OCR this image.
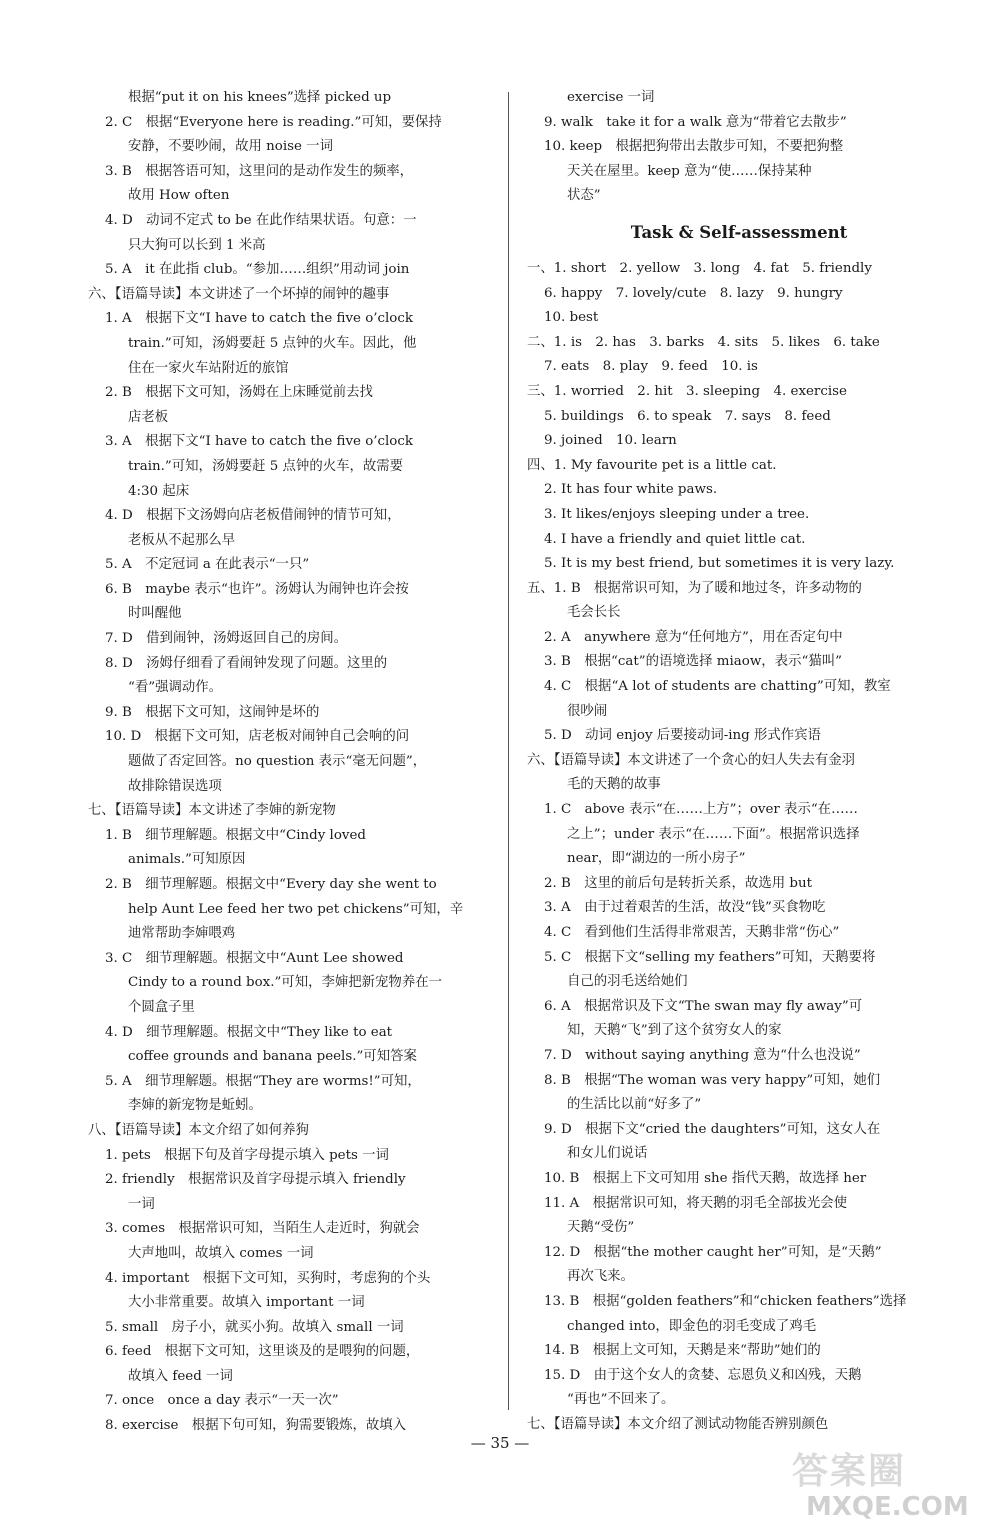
根据“put it on his knees”选择 picked up
2. C　根据“Everyone here is reading.”可知，要保持
安静，不要吵闹，故用 noise 一词
3. B　根据答语可知，这里问的是动作发生的频率，
故用 How often
4. D　动词不定式 to be 在此作结果状语。句意：一
只大狗可以长到 1 米高
5. A　it 在此指 club。“参加……组织”用动词 join
六、【语篇导读】本文讲述了一个坏掉的闹钟的趣事
1. A　根据下文“I have to catch the five o’clock
train.”可知，汤姆要赶 5 点钟的火车。因此，他
住在一家火车站附近的旅馆
2. B　根据下文可知，汤姆在上床睡觉前去找
店老板
3. A　根据下文“I have to catch the five o’clock
train.”可知，汤姆要赶 5 点钟的火车，故需要
4:30 起床
4. D　根据下文汤姆向店老板借闹钟的情节可知，
老板从不起那么早
5. A　不定冠词 a 在此表示“一只”
6. B　maybe 表示“也许”。汤姆认为闹钟也许会按
时叫醒他
7. D　借到闹钟，汤姆返回自己的房间。
8. D　汤姆仔细看了看闹钟发现了问题。这里的
“看”强调动作。
9. B　根据下文可知，这闹钟是坏的
10. D　根据下文可知，店老板对闹钟自己会响的问
题做了否定回答。no question 表示“毫无问题”，
故排除错误选项
七、【语篇导读】本文讲述了李婶的新宠物
1. B　细节理解题。根据文中“Cindy loved
animals.”可知原因
2. B　细节理解题。根据文中“Every day she went to
help Aunt Lee feed her two pet chickens”可知，辛
迪常帮助李婶喂鸡
3. C　细节理解题。根据文中“Aunt Lee showed
Cindy to a round box.”可知，李婶把新宠物养在一
个圆盒子里
4. D　细节理解题。根据文中“They like to eat
coffee grounds and banana peels.”可知答案
5. A　细节理解题。根据“They are worms!”可知，
李婶的新宠物是蚯蚓。
八、【语篇导读】本文介绍了如何养狗
1. pets　根据下句及首字母提示填入 pets 一词
2. friendly　根据常识及首字母提示填入 friendly
一词
3. comes　根据常识可知，当陌生人走近时，狗就会
大声地叫，故填入 comes 一词
4. important　根据下文可知，买狗时，考虑狗的个头
大小非常重要。故填入 important 一词
5. small　房子小，就买小狗。故填入 small 一词
6. feed　根据下文可知，这里谈及的是喂狗的问题，
故填入 feed 一词
7. once　once a day 表示“一天一次”
8. exercise　根据下句可知，狗需要锻炼，故填入
exercise 一词
9. walk　take it for a walk 意为“带着它去散步”
10. keep　根据把狗带出去散步可知，不要把狗整
天关在屋里。keep 意为“使……保持某种
状态”
Task & Self-assessment
一、1. short　2. yellow　3. long　4. fat　5. friendly
6. happy　7. lovely/cute　8. lazy　9. hungry
10. best
二、1. is　2. has　3. barks　4. sits　5. likes　6. take
7. eats　8. play　9. feed　10. is
三、1. worried　2. hit　3. sleeping　4. exercise
5. buildings　6. to speak　7. says　8. feed
9. joined　10. learn
四、1. My favourite pet is a little cat.
2. It has four white paws.
3. It likes/enjoys sleeping under a tree.
4. I have a friendly and quiet little cat.
5. It is my best friend, but sometimes it is very lazy.
五、1. B　根据常识可知，为了暖和地过冬，许多动物的
毛会长长
2. A　anywhere 意为“任何地方”，用在否定句中
3. B　根据“cat”的语境选择 miaow，表示“猫叫”
4. C　根据“A lot of students are chatting”可知，教室
很吵闹
5. D　动词 enjoy 后要接动词-ing 形式作宾语
六、【语篇导读】本文讲述了一个贪心的妇人失去有金羽
毛的天鹅的故事
1. C　above 表示“在……上方”；over 表示“在……
之上”；under 表示“在……下面”。根据常识选择
near，即“湖边的一所小房子”
2. B　这里的前后句是转折关系，故选用 but
3. A　由于过着艰苦的生活，故没“钱”买食物吃
4. C　看到他们生活得非常艰苦，天鹅非常“伤心”
5. C　根据下文“selling my feathers”可知，天鹅要将
自己的羽毛送给她们
6. A　根据常识及下文“The swan may fly away”可
知，天鹅“飞”到了这个贫穷女人的家
7. D　without saying anything 意为“什么也没说”
8. B　根据“The woman was very happy”可知，她们
的生活比以前“好多了”
9. D　根据下文“cried the daughters”可知，这女人在
和女儿们说话
10. B　根据上下文可知用 she 指代天鹅，故选择 her
11. A　根据常识可知，将天鹅的羽毛全部拔光会使
天鹅“受伤”
12. D　根据“the mother caught her”可知，是“天鹅”
再次飞来。
13. B　根据“golden feathers”和“chicken feathers”选择
changed into，即金色的羽毛变成了鸡毛
14. B　根据上文可知，天鹅是来“帮助”她们的
15. D　由于这个女人的贪婪、忘恩负义和凶残，天鹅
“再也”不回来了。
七、【语篇导读】本文介绍了测试动物能否辨别颜色
— 35 —
答案圈
MXQE.COM
